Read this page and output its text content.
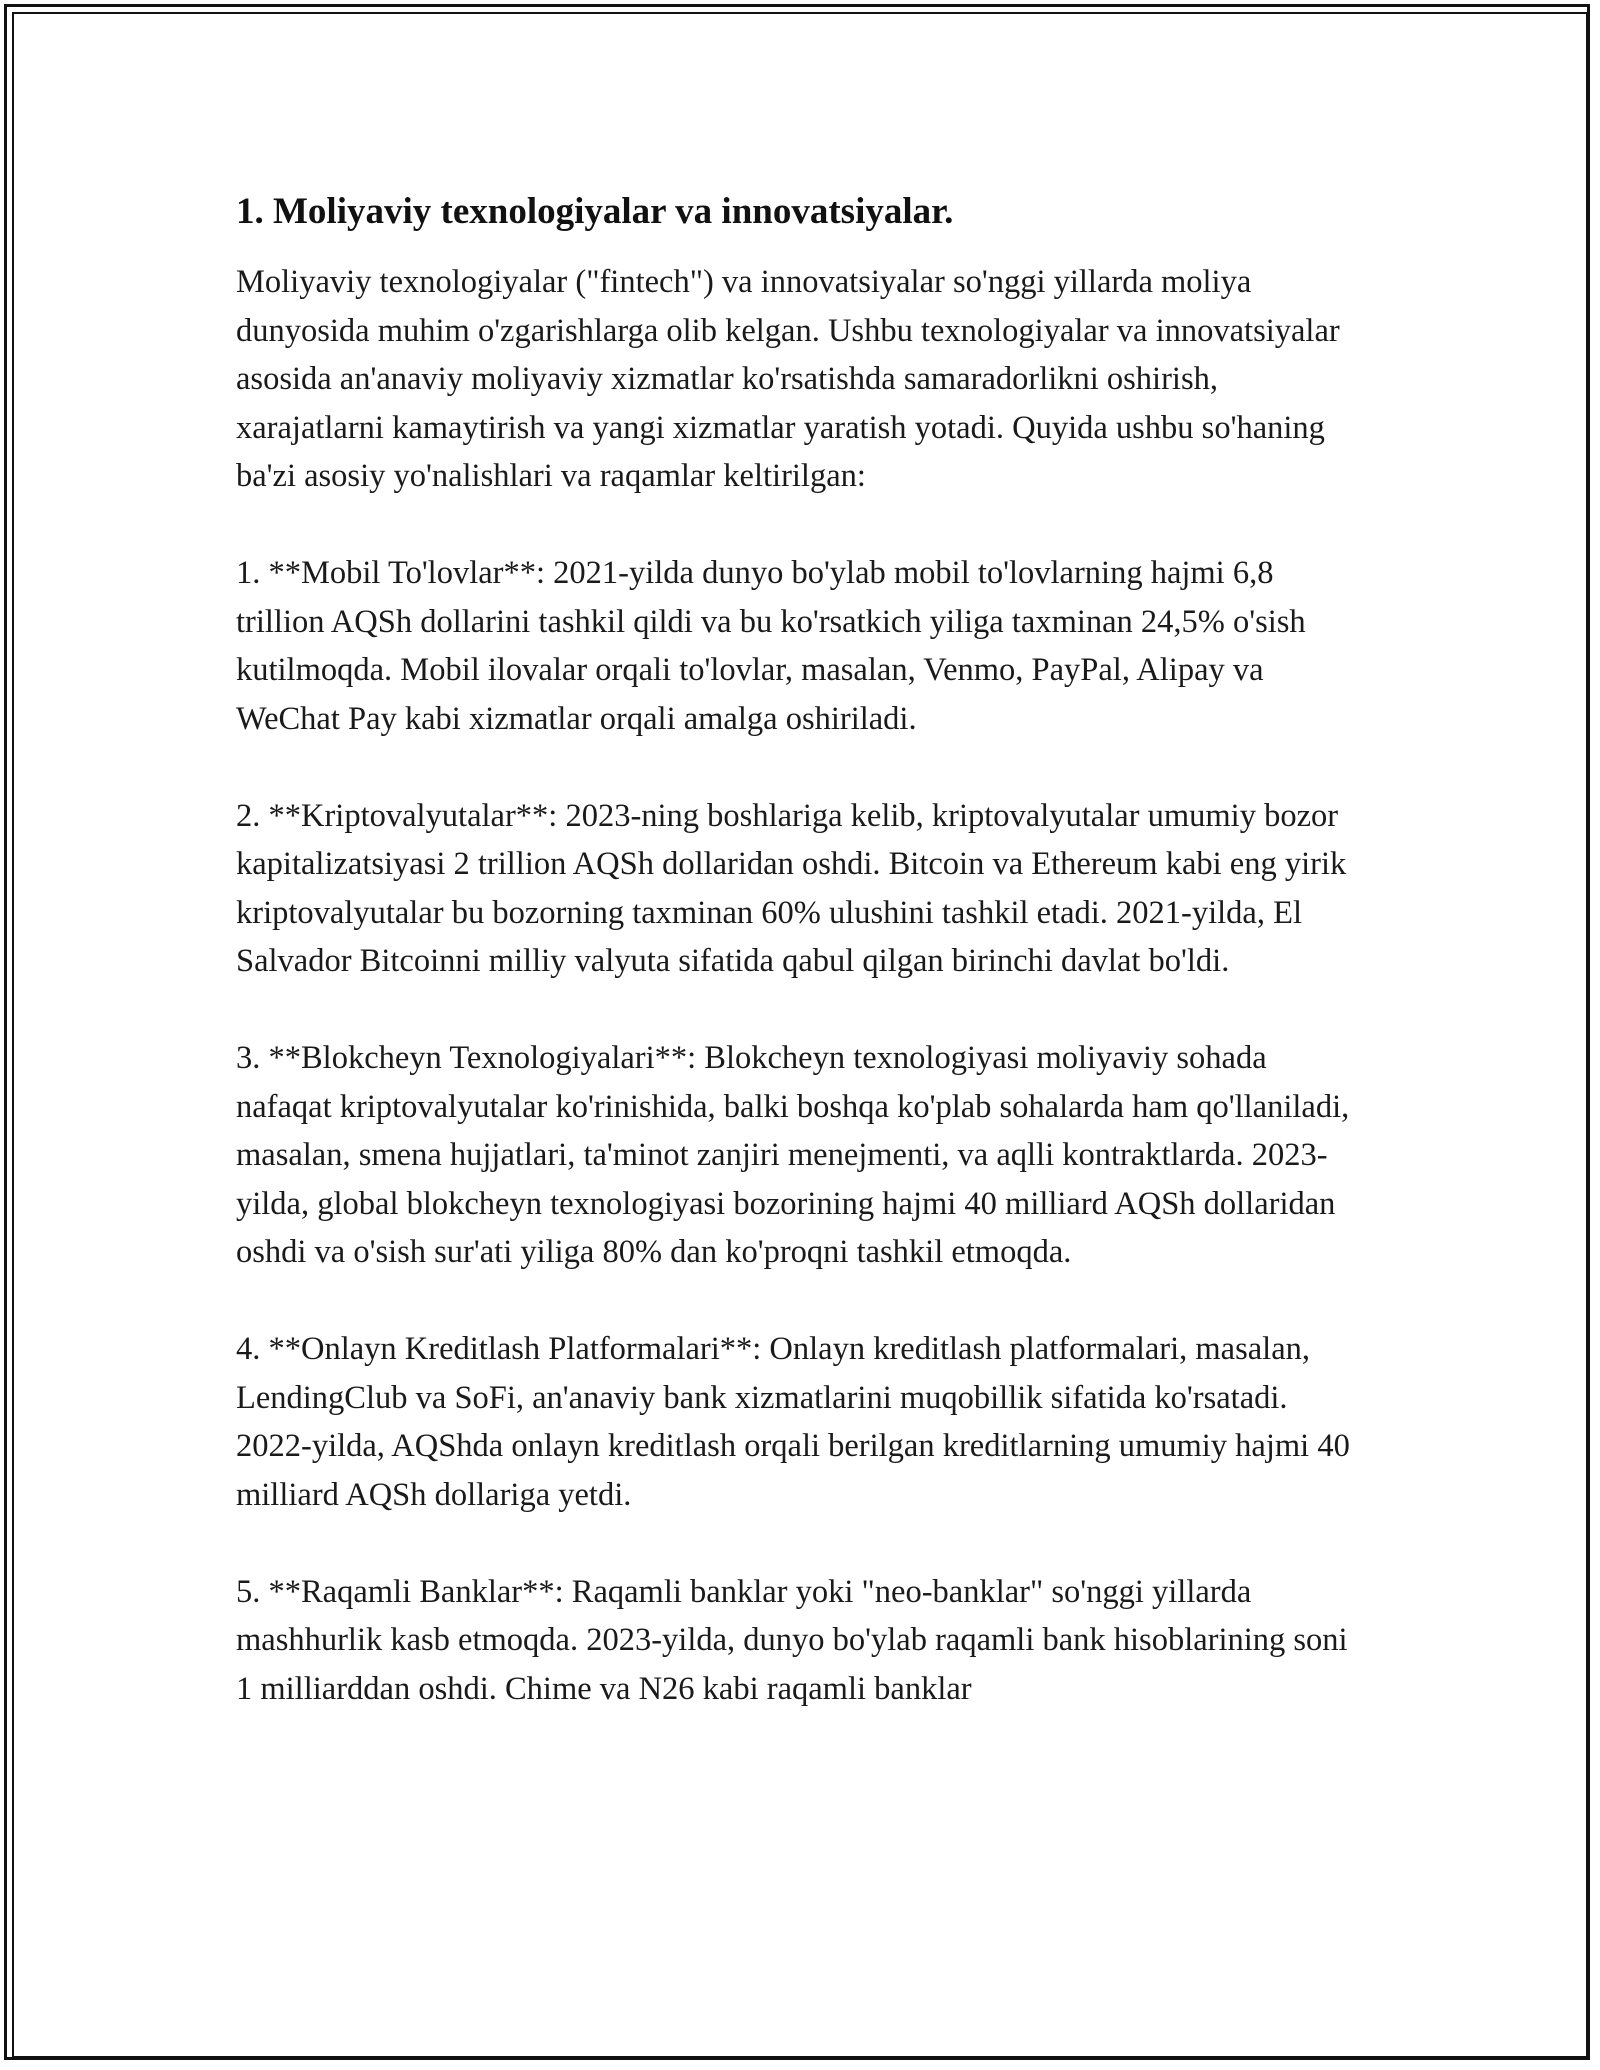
1. Moliyaviy texnologiyalar va innovatsiyalar.

Moliyaviy texnologiyalar ("fintech") va innovatsiyalar so'nggi yillarda moliya dunyosida muhim o'zgarishlarga olib kelgan. Ushbu texnologiyalar va innovatsiyalar asosida an'anaviy moliyaviy xizmatlar ko'rsatishda samaradorlikni oshirish, xarajatlarni kamaytirish va yangi xizmatlar yaratish yotadi. Quyida ushbu so'haning ba'zi asosiy yo'nalishlari va raqamlar keltirilgan:

1. **Mobil To'lovlar**: 2021-yilda dunyo bo'ylab mobil to'lovlarning hajmi 6,8 trillion AQSh dollarini tashkil qildi va bu ko'rsatkich yiliga taxminan 24,5% o'sish kutilmoqda. Mobil ilovalar orqali to'lovlar, masalan, Venmo, PayPal, Alipay va WeChat Pay kabi xizmatlar orqali amalga oshiriladi.

2. **Kriptovalyutalar**: 2023-ning boshlariga kelib, kriptovalyutalar umumiy bozor kapitalizatsiyasi 2 trillion AQSh dollaridan oshdi. Bitcoin va Ethereum kabi eng yirik kriptovalyutalar bu bozorning taxminan 60% ulushini tashkil etadi. 2021-yilda, El Salvador Bitcoinni milliy valyuta sifatida qabul qilgan birinchi davlat bo'ldi.

3. **Blokcheyn Texnologiyalari**: Blokcheyn texnologiyasi moliyaviy sohada nafaqat kriptovalyutalar ko'rinishida, balki boshqa ko'plab sohalarda ham qo'llaniladi, masalan, smena hujjatlari, ta'minot zanjiri menejmenti, va aqlli kontraktlarda. 2023-yilda, global blokcheyn texnologiyasi bozorining hajmi 40 milliard AQSh dollaridan oshdi va o'sish sur'ati yiliga 80% dan ko'proqni tashkil etmoqda.

4. **Onlayn Kreditlash Platformalari**: Onlayn kreditlash platformalari, masalan, LendingClub va SoFi, an'anaviy bank xizmatlarini muqobillik sifatida ko'rsatadi. 2022-yilda, AQShda onlayn kreditlash orqali berilgan kreditlarning umumiy hajmi 40 milliard AQSh dollariga yetdi.

5. **Raqamli Banklar**: Raqamli banklar yoki "neo-banklar" so'nggi yillarda mashhurlik kasb etmoqda. 2023-yilda, dunyo bo'ylab raqamli bank hisoblarining soni 1 milliarddan oshdi. Chime va N26 kabi raqamli banklar
